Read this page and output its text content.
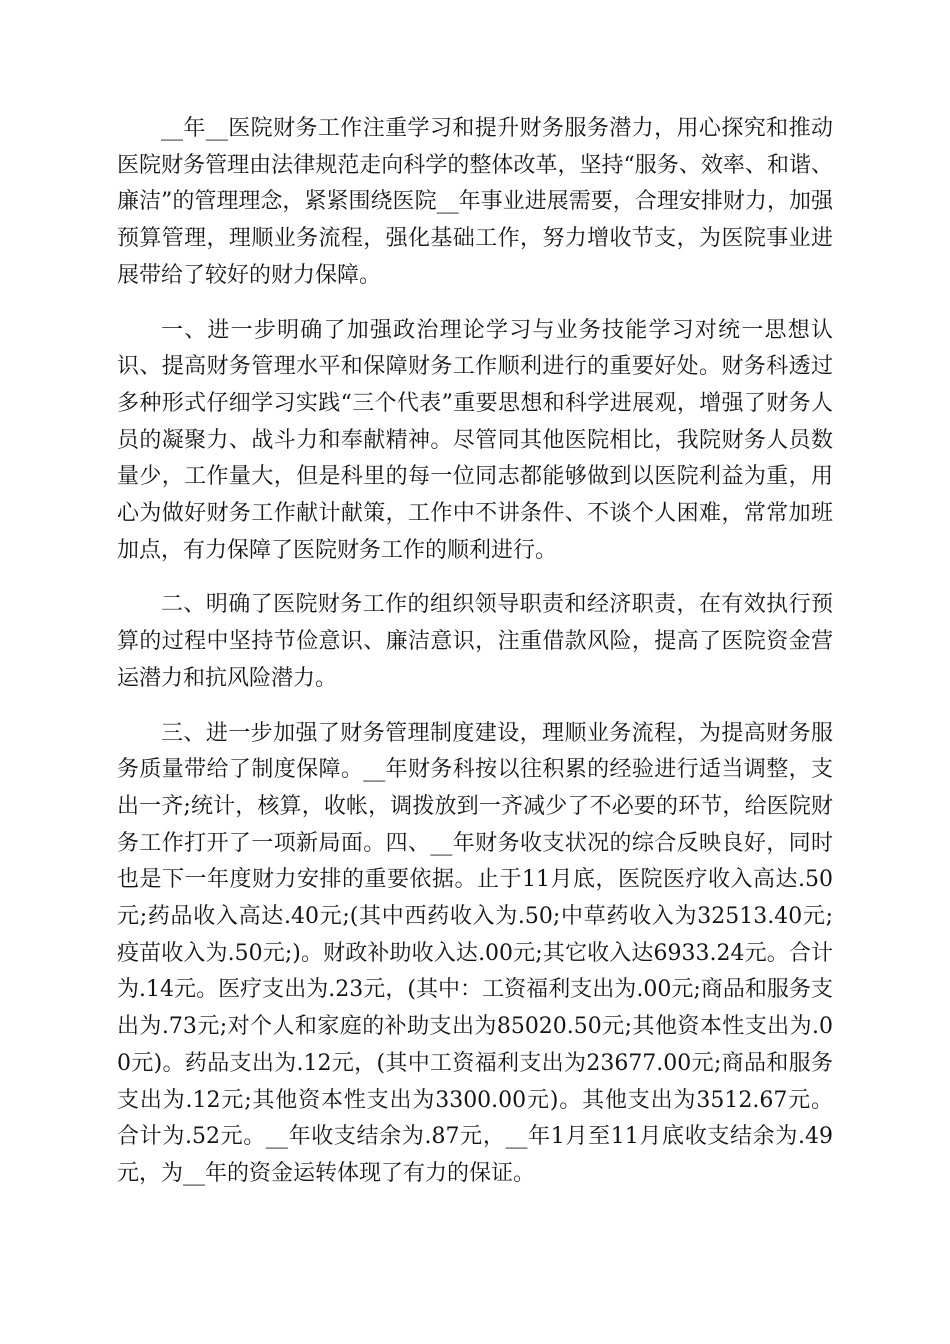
__年__医院财务工作注重学习和提升财务服务潜力，用心探究和推动医院财务管理由法律规范走向科学的整体改革，坚持“服务、效率、和谐、廉洁”的管理理念，紧紧围绕医院__年事业进展需要，合理安排财力，加强预算管理，理顺业务流程，强化基础工作，努力增收节支，为医院事业进展带给了较好的财力保障。

一、进一步明确了加强政治理论学习与业务技能学习对统一思想认识、提高财务管理水平和保障财务工作顺利进行的重要好处。财务科透过多种形式仔细学习实践“三个代表”重要思想和科学进展观，增强了财务人员的凝聚力、战斗力和奉献精神。尽管同其他医院相比，我院财务人员数量少，工作量大，但是科里的每一位同志都能够做到以医院利益为重，用心为做好财务工作献计献策，工作中不讲条件、不谈个人困难，常常加班加点，有力保障了医院财务工作的顺利进行。

二、明确了医院财务工作的组织领导职责和经济职责，在有效执行预算的过程中坚持节俭意识、廉洁意识，注重借款风险，提高了医院资金营运潜力和抗风险潜力。

三、进一步加强了财务管理制度建设，理顺业务流程，为提高财务服务质量带给了制度保障。__年财务科按以往积累的经验进行适当调整，支出一齐;统计，核算，收帐，调拨放到一齐减少了不必要的环节，给医院财务工作打开了一项新局面。四、__年财务收支状况的综合反映良好，同时也是下一年度财力安排的重要依据。止于11月底，医院医疗收入高达.50元;药品收入高达.40元;(其中西药收入为.50;中草药收入为32513.40元;疫苗收入为.50元;)。财政补助收入达.00元;其它收入达6933.24元。合计为.14元。医疗支出为.23元，(其中：工资福利支出为.00元;商品和服务支出为.73元;对个人和家庭的补助支出为85020.50元;其他资本性支出为.00元)。药品支出为.12元，(其中工资福利支出为23677.00元;商品和服务支出为.12元;其他资本性支出为3300.00元)。其他支出为3512.67元。合计为.52元。__年收支结余为.87元，__年1月至11月底收支结余为.49元，为__年的资金运转体现了有力的保证。
